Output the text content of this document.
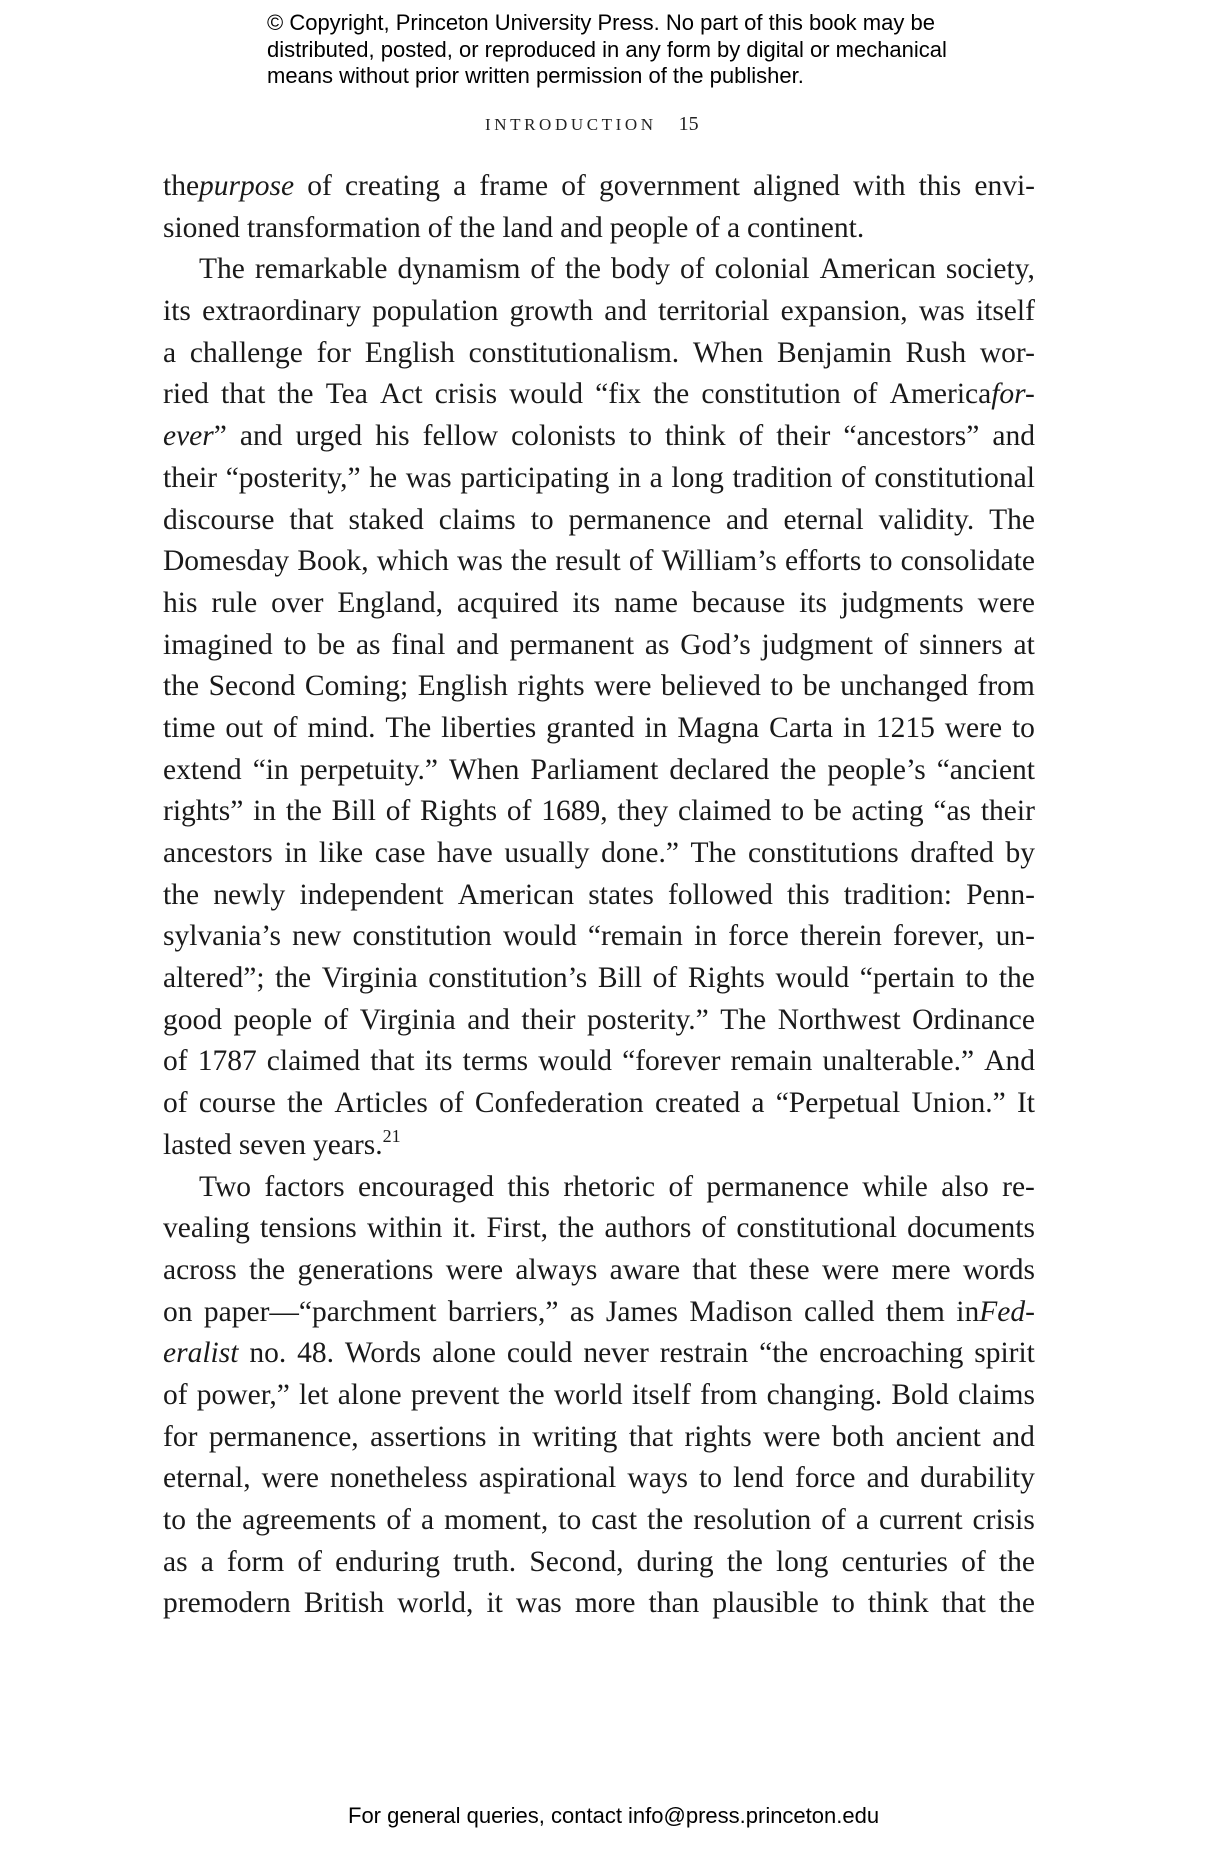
© Copyright, Princeton University Press. No part of this book may be
distributed, posted, or reproduced in any form by digital or mechanical
means without prior written permission of the publisher.
INTRODUCTION 15
thepurpose of creating a frame of government aligned with this envi-
sioned transformation of the land and people of a continent.
The remarkable dynamism of the body of colonial American society,
its extraordinary population growth and territorial expansion, was itself
a challenge for English constitutionalism. When Benjamin Rush wor-
ried that the Tea Act crisis would “fix the constitution of Americafor-
ever” and urged his fellow colonists to think of their “ancestors” and
their “posterity,” he was participating in a long tradition of constitutional
discourse that staked claims to permanence and eternal validity. The
Domesday Book, which was the result of William’s efforts to consolidate
his rule over England, acquired its name because its judgments were
imagined to be as final and permanent as God’s judgment of sinners at
the Second Coming; English rights were believed to be unchanged from
time out of mind. The liberties granted in Magna Carta in 1215 were to
extend “in perpetuity.” When Parliament declared the people’s “ancient
rights” in the Bill of Rights of 1689, they claimed to be acting “as their
ancestors in like case have usually done.” The constitutions drafted by
the newly independent American states followed this tradition: Penn-
sylvania’s new constitution would “remain in force therein forever, un-
altered”; the Virginia constitution’s Bill of Rights would “pertain to the
good people of Virginia and their posterity.” The Northwest Ordinance
of 1787 claimed that its terms would “forever remain unalterable.” And
of course the Articles of Confederation created a “Perpetual Union.” It
lasted seven years.$^{21}$
Two factors encouraged this rhetoric of permanence while also re-
vealing tensions within it. First, the authors of constitutional documents
across the generations were always aware that these were mere words
on paper—“parchment barriers,” as James Madison called them inFed-
eralist no. 48. Words alone could never restrain “the encroaching spirit
of power,” let alone prevent the world itself from changing. Bold claims
for permanence, assertions in writing that rights were both ancient and
eternal, were nonetheless aspirational ways to lend force and durability
to the agreements of a moment, to cast the resolution of a current crisis
as a form of enduring truth. Second, during the long centuries of the
premodern British world, it was more than plausible to think that the
For general queries, contact info@press.princeton.edu
